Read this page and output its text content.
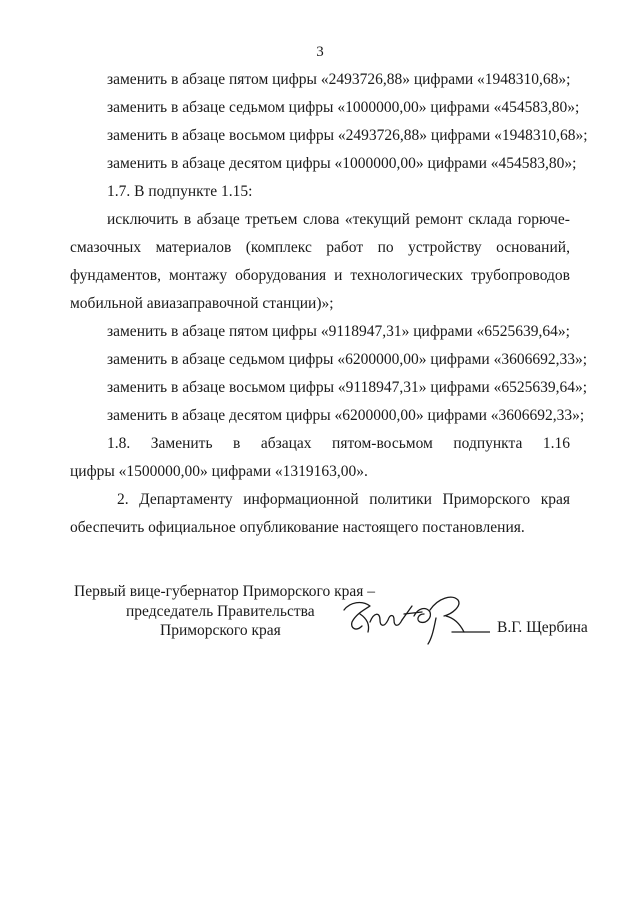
3
заменить в абзаце пятом цифры «2493726,88» цифрами «1948310,68»;
заменить в абзаце седьмом цифры «1000000,00» цифрами «454583,80»;
заменить в абзаце восьмом цифры «2493726,88» цифрами «1948310,68»;
заменить в абзаце десятом цифры «1000000,00» цифрами «454583,80»;
1.7. В подпункте 1.15:
исключить в абзаце третьем слова «текущий ремонт склада горюче-
смазочных материалов (комплекс работ по устройству оснований,
фундаментов, монтажу оборудования и технологических трубопроводов
мобильной авиазаправочной станции)»;
заменить в абзаце пятом цифры «9118947,31» цифрами «6525639,64»;
заменить в абзаце седьмом цифры «6200000,00» цифрами «3606692,33»;
заменить в абзаце восьмом цифры «9118947,31» цифрами «6525639,64»;
заменить в абзаце десятом цифры «6200000,00» цифрами «3606692,33»;
1.8. Заменить в абзацах пятом-восьмом подпункта 1.16
цифры «1500000,00» цифрами «1319163,00».
2. Департаменту информационной политики Приморского края
обеспечить официальное опубликование настоящего постановления.
Первый вице-губернатор Приморского края –
председатель Правительства
Приморского края	В.Г. Щербина
